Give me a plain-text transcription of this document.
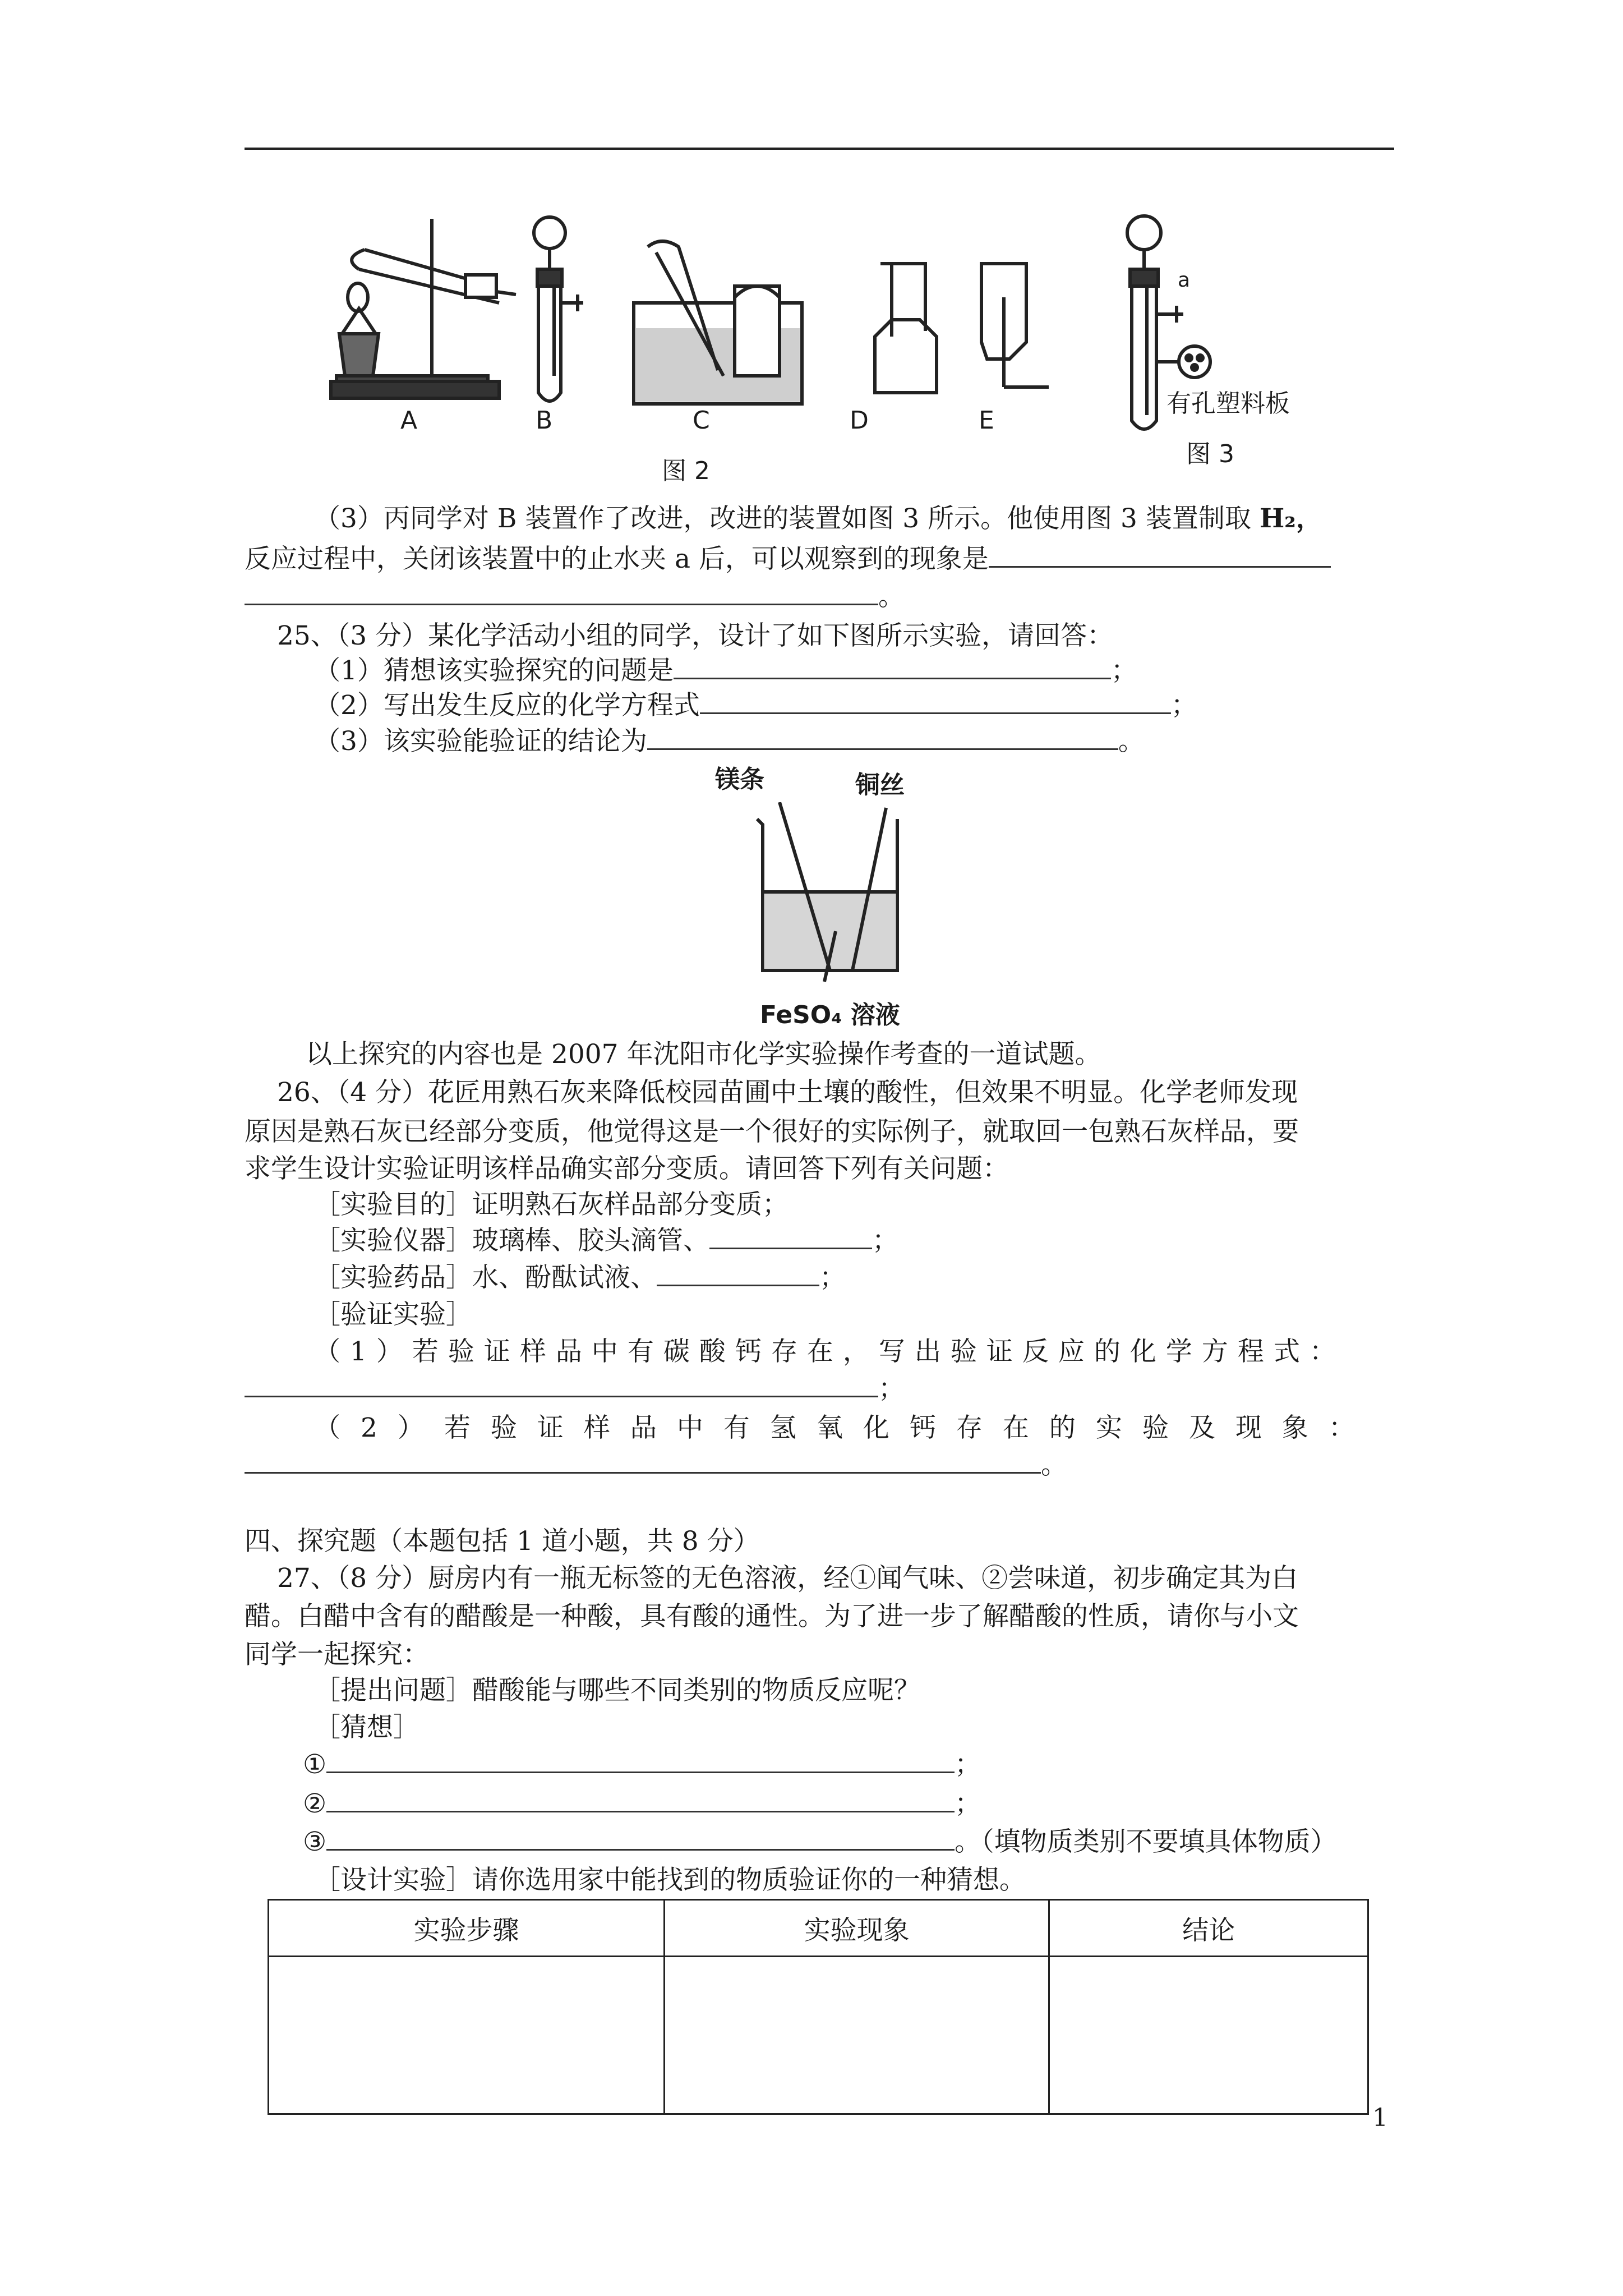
A	B	C	D	E
图 2
a
有孔塑料板
图 3
（3）丙同学对 B 装置作了改进，改进的装置如图 3 所示。他使用图 3 装置制取 H₂，
反应过程中，关闭该装置中的止水夹 a 后，可以观察到的现象是
。
25、（3 分）某化学活动小组的同学，设计了如下图所示实验，请回答：
（1）猜想该实验探究的问题是	；
（2）写出发生反应的化学方程式	；
（3）该实验能验证的结论为	。
镁条	铜丝
FeSO₄ 溶液
以上探究的内容也是 2007 年沈阳市化学实验操作考查的一道试题。
26、（4 分）花匠用熟石灰来降低校园苗圃中土壤的酸性，但效果不明显。化学老师发现
原因是熟石灰已经部分变质，他觉得这是一个很好的实际例子，就取回一包熟石灰样品，要
求学生设计实验证明该样品确实部分变质。请回答下列有关问题：
［实验目的］证明熟石灰样品部分变质；
［实验仪器］玻璃棒、胶头滴管、	；
［实验药品］水、酚酞试液、	；
［验证实验］
（1）若验证样品中有碳酸钙存在，写出验证反应的化学方程式：
；
（2）若验证样品中有氢氧化钙存在的实验及现象：
。
四、探究题（本题包括 1 道小题，共 8 分）
27、（8 分）厨房内有一瓶无标签的无色溶液，经①闻气味、②尝味道，初步确定其为白
醋。白醋中含有的醋酸是一种酸，具有酸的通性。为了进一步了解醋酸的性质，请你与小文
同学一起探究：
［提出问题］醋酸能与哪些不同类别的物质反应呢？
［猜想］
①	；
②	；
③	。（填物质类别不要填具体物质）
［设计实验］请你选用家中能找到的物质验证你的一种猜想。
实验步骤	实验现象	结论

1
